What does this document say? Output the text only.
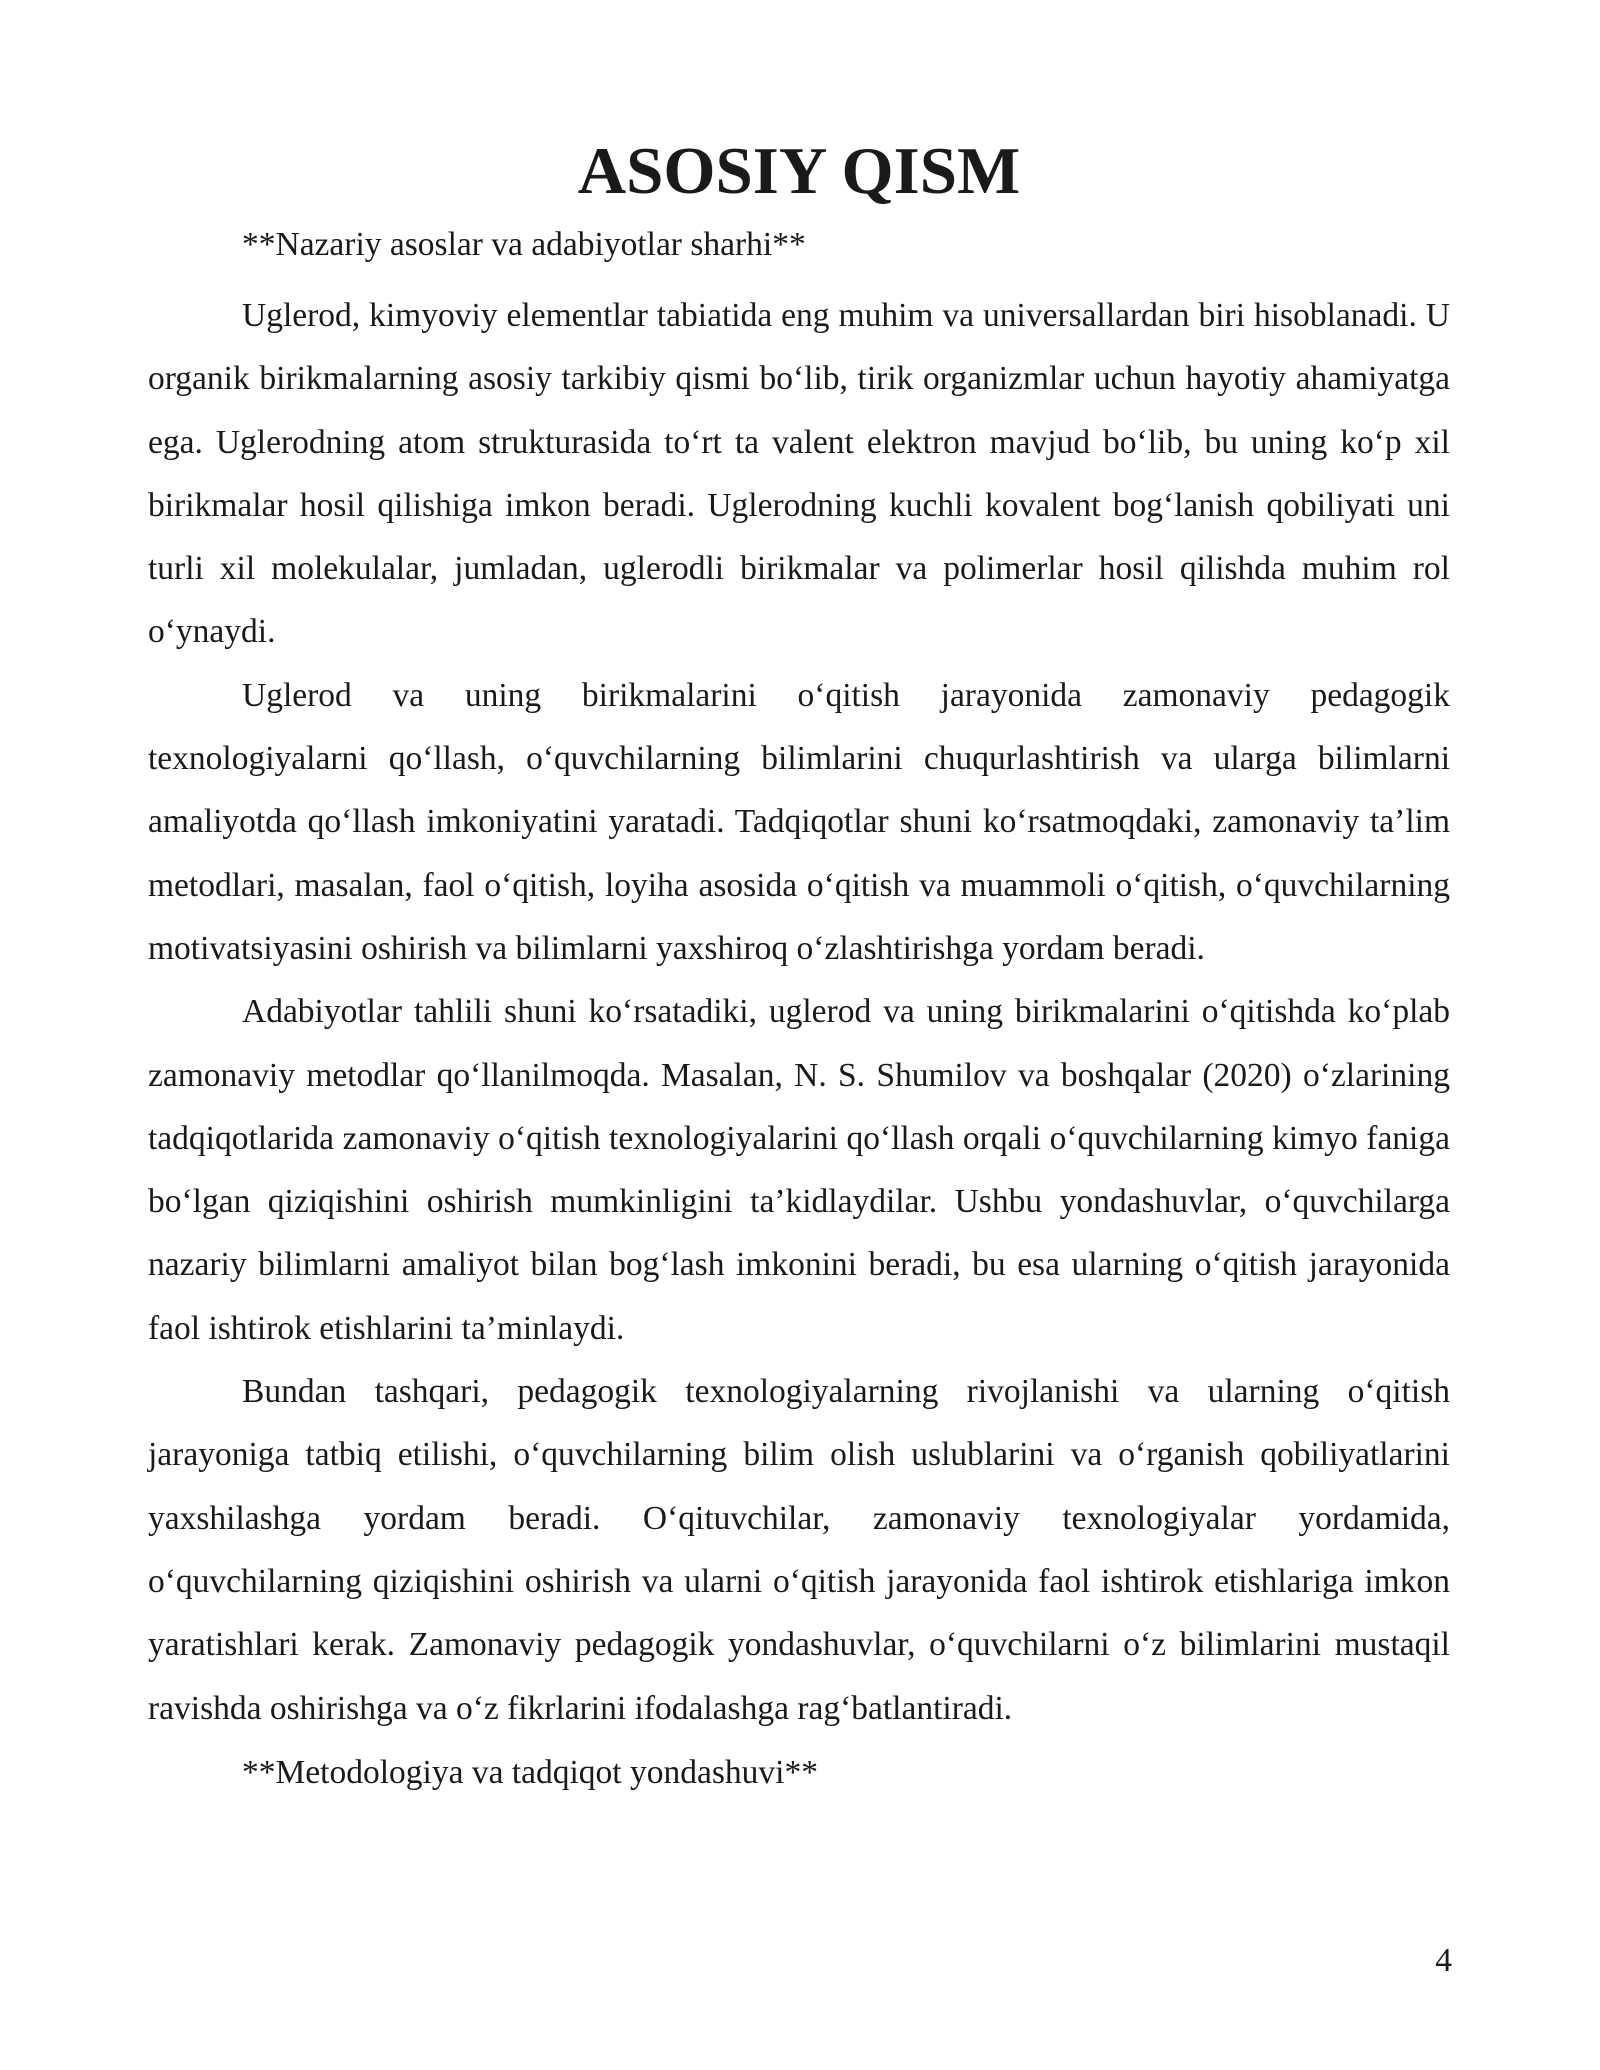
ASOSIY QISM

**Nazariy asoslar va adabiyotlar sharhi**

Uglerod, kimyoviy elementlar tabiatida eng muhim va universallardan biri hisoblanadi. U organik birikmalarning asosiy tarkibiy qismi bo‘lib, tirik organizmlar uchun hayotiy ahamiyatga ega. Uglerodning atom strukturasida to‘rt ta valent elektron mavjud bo‘lib, bu uning ko‘p xil birikmalar hosil qilishiga imkon beradi. Uglerodning kuchli kovalent bog‘lanish qobiliyati uni turli xil molekulalar, jumladan, uglerodli birikmalar va polimerlar hosil qilishda muhim rol o‘ynaydi.

Uglerod va uning birikmalarini o‘qitish jarayonida zamonaviy pedagogik texnologiyalarni qo‘llash, o‘quvchilarning bilimlarini chuqurlashtirish va ularga bilimlarni amaliyotda qo‘llash imkoniyatini yaratadi. Tadqiqotlar shuni ko‘rsatmoqdaki, zamonaviy ta’lim metodlari, masalan, faol o‘qitish, loyiha asosida o‘qitish va muammoli o‘qitish, o‘quvchilarning motivatsiyasini oshirish va bilimlarni yaxshiroq o‘zlashtirishga yordam beradi.

Adabiyotlar tahlili shuni ko‘rsatadiki, uglerod va uning birikmalarini o‘qitishda ko‘plab zamonaviy metodlar qo‘llanilmoqda. Masalan, N. S. Shumilov va boshqalar (2020) o‘zlarining tadqiqotlarida zamonaviy o‘qitish texnologiyalarini qo‘llash orqali o‘quvchilarning kimyo faniga bo‘lgan qiziqishini oshirish mumkinligini ta’kidlaydilar. Ushbu yondashuvlar, o‘quvchilarga nazariy bilimlarni amaliyot bilan bog‘lash imkonini beradi, bu esa ularning o‘qitish jarayonida faol ishtirok etishlarini ta’minlaydi.

Bundan tashqari, pedagogik texnologiyalarning rivojlanishi va ularning o‘qitish jarayoniga tatbiq etilishi, o‘quvchilarning bilim olish uslublarini va o‘rganish qobiliyatlarini yaxshilashga yordam beradi. O‘qituvchilar, zamonaviy texnologiyalar yordamida, o‘quvchilarning qiziqishini oshirish va ularni o‘qitish jarayonida faol ishtirok etishlariga imkon yaratishlari kerak. Zamonaviy pedagogik yondashuvlar, o‘quvchilarni o‘z bilimlarini mustaqil ravishda oshirishga va o‘z fikrlarini ifodalashga rag‘batlantiradi.

**Metodologiya va tadqiqot yondashuvi**

4
